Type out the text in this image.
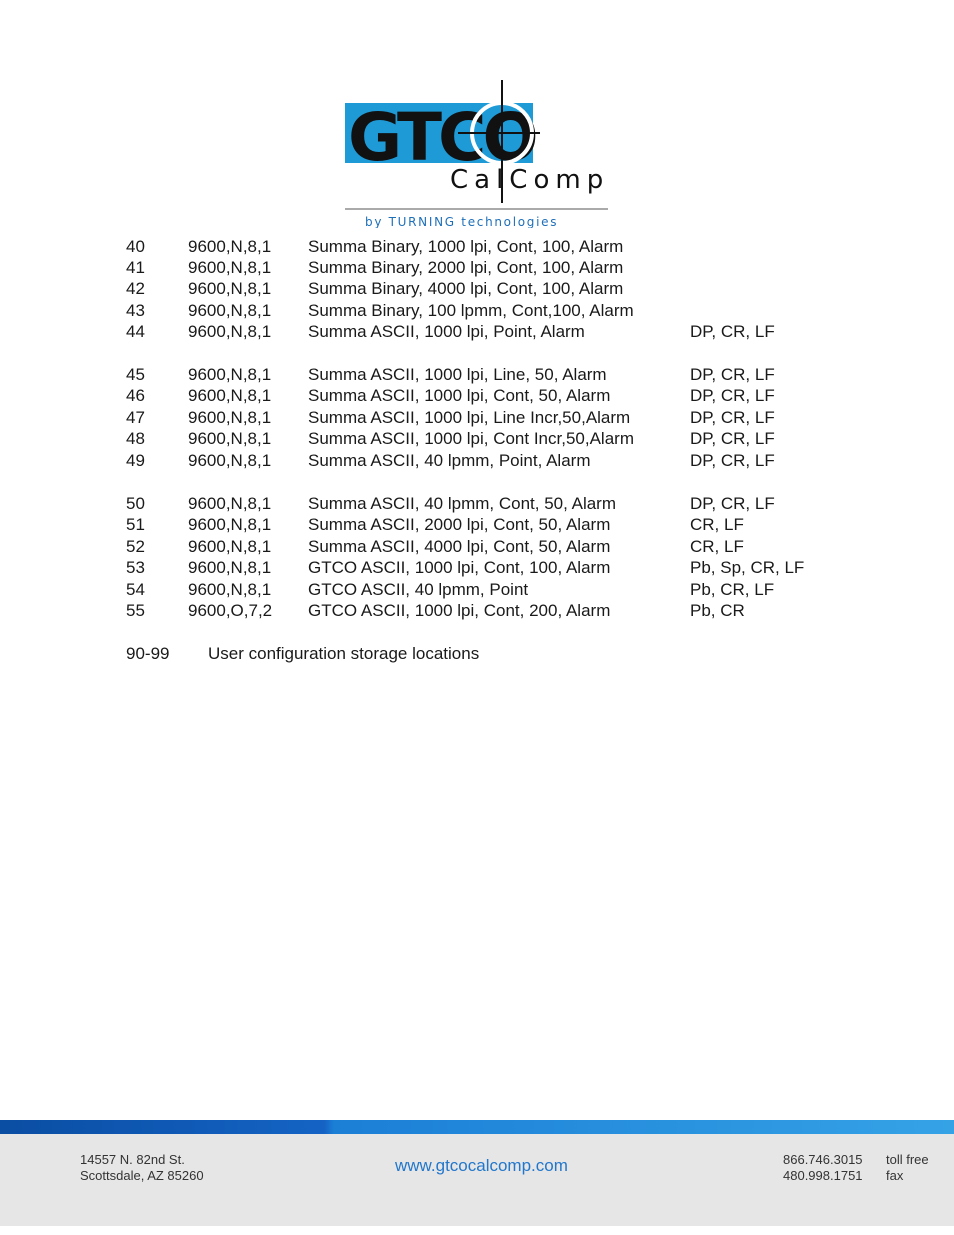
GTCO
CalComp
by TURNING technologies
40	9600,N,8,1 Summa Binary, 1000 lpi, Cont, 100, Alarm
41	9600,N,8,1 Summa Binary, 2000 lpi, Cont, 100, Alarm
42	9600,N,8,1 Summa Binary, 4000 lpi, Cont, 100, Alarm
43	9600,N,8,1 Summa Binary, 100 lpmm, Cont,100, Alarm
44	9600,N,8,1 Summa ASCII, 1000 lpi, Point, Alarm	DP, CR, LF
45	9600,N,8,1 Summa ASCII, 1000 lpi, Line, 50, Alarm	DP, CR, LF
46	9600,N,8,1 Summa ASCII, 1000 lpi, Cont, 50, Alarm	DP, CR, LF
47	9600,N,8,1 Summa ASCII, 1000 lpi, Line Incr,50,Alarm	DP, CR, LF
48	9600,N,8,1 Summa ASCII, 1000 lpi, Cont Incr,50,Alarm	DP, CR, LF
49	9600,N,8,1 Summa ASCII, 40 lpmm, Point, Alarm	DP, CR, LF
50	9600,N,8,1 Summa ASCII, 40 lpmm, Cont, 50, Alarm	DP, CR, LF
51	9600,N,8,1 Summa ASCII, 2000 lpi, Cont, 50, Alarm	CR, LF
52	9600,N,8,1 Summa ASCII, 4000 lpi, Cont, 50, Alarm	CR, LF
53	9600,N,8,1 GTCO ASCII, 1000 lpi, Cont, 100, Alarm	Pb, Sp, CR, LF
54	9600,N,8,1 GTCO ASCII, 40 lpmm, Point	Pb, CR, LF
55	9600,O,7,2 GTCO ASCII, 1000 lpi, Cont, 200, Alarm	Pb, CR
90-99 User configuration storage locations
14557 N. 82nd St.
Scottsdale, AZ 85260
www.gtcocalcomp.com	866.746.3015
480.998.1751
toll free
fax
